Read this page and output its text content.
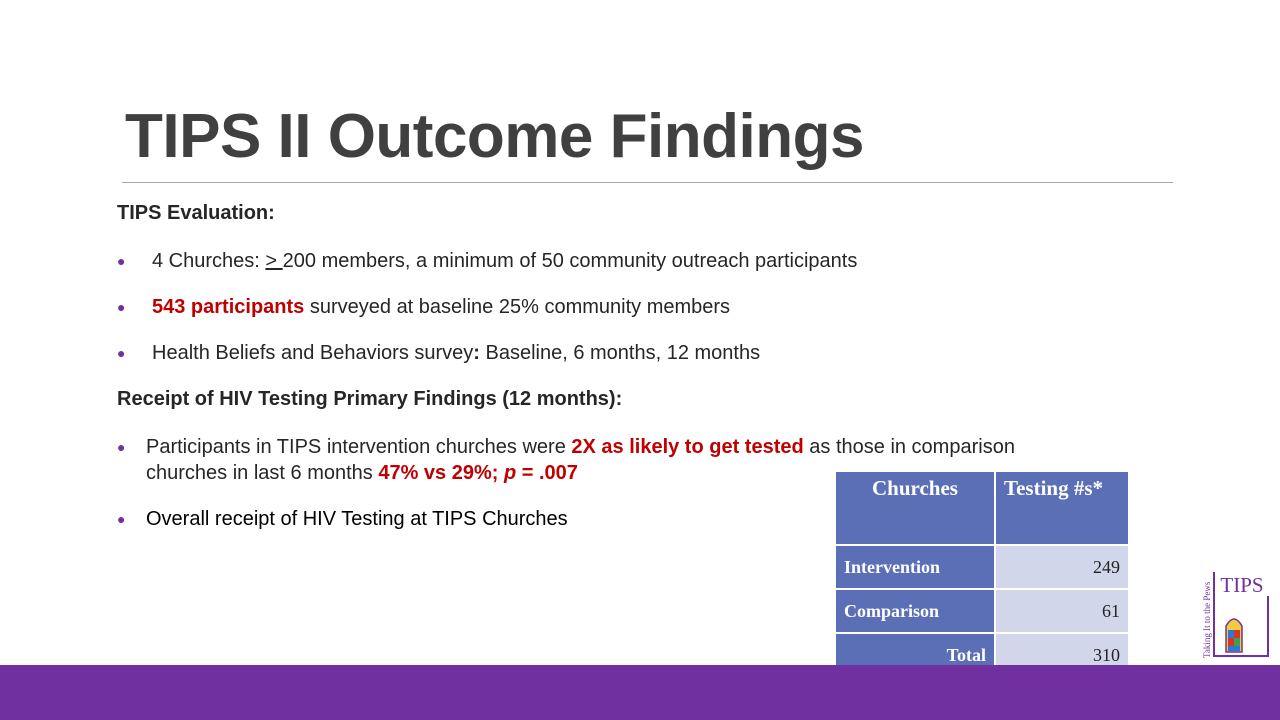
TIPS II Outcome Findings

TIPS Evaluation:

● 4 Churches: > 200 members, a minimum of 50 community outreach participants

● 543 participants surveyed at baseline 25% community members

● Health Beliefs and Behaviors survey: Baseline, 6 months, 12 months

Receipt of HIV Testing Primary Findings (12 months):

● Participants in TIPS intervention churches were 2X as likely to get tested as those in comparison churches in last 6 months 47% vs 29%; p = .007

● Overall receipt of HIV Testing at TIPS Churches

Churches	Testing #s*
Intervention	249
Comparison	61
Total	310
TIPS
Taking It to the Pews
